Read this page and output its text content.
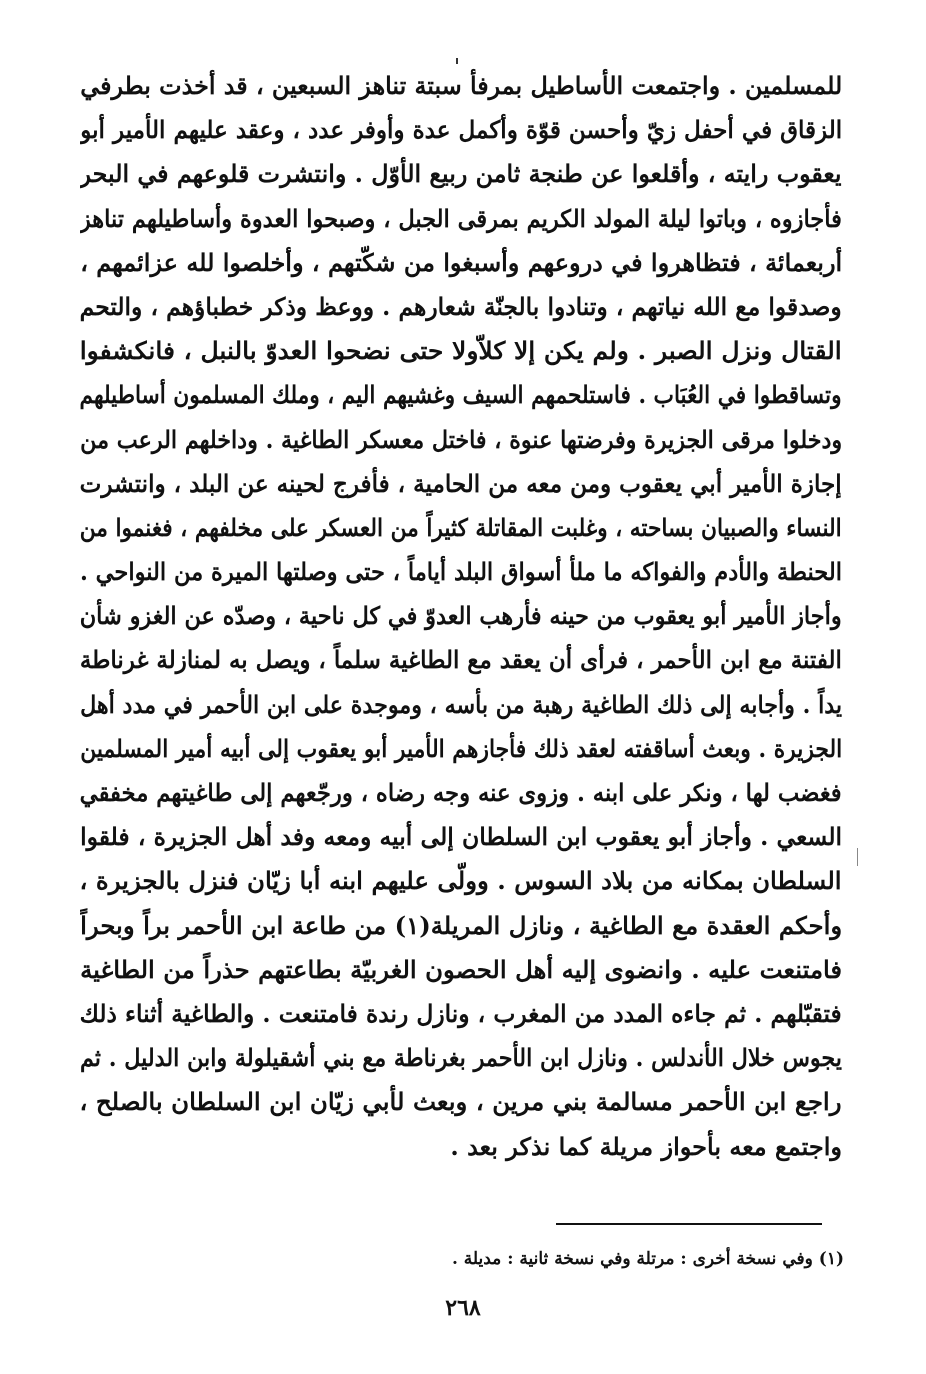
للمسلمين . واجتمعت الأساطيل بمرفأ سبتة تناهز السبعين ، قد أخذت بطرفي
الزقاق في أحفل زيّ وأحسن قوّة وأكمل عدة وأوفر عدد ، وعقد عليهم الأمير أبو
يعقوب رايته ، وأقلعوا عن طنجة ثامن ربيع الأوّل . وانتشرت قلوعهم في البحر
فأجازوه ، وباتوا ليلة المولد الكريم بمرقى الجبل ، وصبحوا العدوة وأساطيلهم تناهز
أربعمائة ، فتظاهروا في دروعهم وأسبغوا من شكّتهم ، وأخلصوا لله عزائمهم ،
وصدقوا مع الله نياتهم ، وتنادوا بالجنّة شعارهم . ووعظ وذكر خطباؤهم ، والتحم
القتال ونزل الصبر . ولم يكن إلا كلاّولا حتى نضحوا العدوّ بالنبل ، فانكشفوا
وتساقطوا في العُبَاب . فاستلحمهم السيف وغشيهم اليم ، وملك المسلمون أساطيلهم
ودخلوا مرقى الجزيرة وفرضتها عنوة ، فاختل معسكر الطاغية . وداخلهم الرعب من
إجازة الأمير أبي يعقوب ومن معه من الحامية ، فأفرج لحينه عن البلد ، وانتشرت
النساء والصبيان بساحته ، وغلبت المقاتلة كثيراً من العسكر على مخلفهم ، فغنموا من
الحنطة والأدم والفواكه ما ملأ أسواق البلد أياماً ، حتى وصلتها الميرة من النواحي .
وأجاز الأمير أبو يعقوب من حينه فأرهب العدوّ في كل ناحية ، وصدّه عن الغزو شأن
الفتنة مع ابن الأحمر ، فرأى أن يعقد مع الطاغية سلماً ، ويصل به لمنازلة غرناطة
يداً . وأجابه إلى ذلك الطاغية رهبة من بأسه ، وموجدة على ابن الأحمر في مدد أهل
الجزيرة . وبعث أساقفته لعقد ذلك فأجازهم الأمير أبو يعقوب إلى أبيه أمير المسلمين
فغضب لها ، ونكر على ابنه . وزوى عنه وجه رضاه ، ورجّعهم إلى طاغيتهم مخفقي
السعي . وأجاز أبو يعقوب ابن السلطان إلى أبيه ومعه وفد أهل الجزيرة ، فلقوا
السلطان بمكانه من بلاد السوس . وولّى عليهم ابنه أبا زيّان فنزل بالجزيرة ،
وأحكم العقدة مع الطاغية ، ونازل المريلة(١) من طاعة ابن الأحمر براً وبحراً
فامتنعت عليه . وانضوى إليه أهل الحصون الغربيّة بطاعتهم حذراً من الطاغية
فتقبّلهم . ثم جاءه المدد من المغرب ، ونازل رندة فامتنعت . والطاغية أثناء ذلك
يجوس خلال الأندلس . ونازل ابن الأحمر بغرناطة مع بني أشقيلولة وابن الدليل . ثم
راجع ابن الأحمر مسالمة بني مرين ، وبعث لأبي زيّان ابن السلطان بالصلح ،
واجتمع معه بأحواز مريلة كما نذكر بعد .
(١) وفي نسخة أخرى : مرتلة وفي نسخة ثانية : مديلة .
٢٦٨
